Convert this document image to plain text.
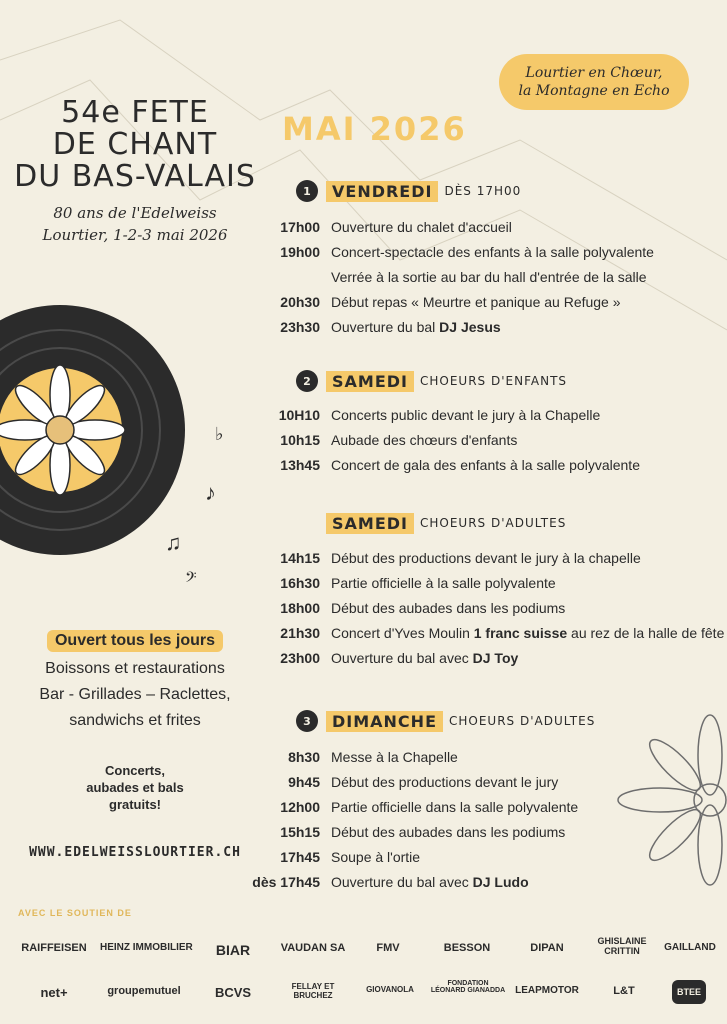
54e FETE
DE CHANT
DU BAS-VALAIS
80 ans de l'Edelweiss
Lourtier, 1-2-3 mai 2026
Lourtier en Chœur,
la Montagne en Echo
MAI 2026
♭
♪
♫
𝄢
1	VENDREDI	DÈS 17H00
17h00 Ouverture du chalet d'accueil
19h00 Concert-spectacle des enfants à la salle polyvalente
Verrée à la sortie au bar du hall d'entrée de la salle
20h30 Début repas « Meurtre et panique au Refuge »
23h30 Ouverture du bal DJ Jesus
2	SAMEDI	CHOEURS D'ENFANTS
10H10 Concerts public devant le jury à la Chapelle
10h15 Aubade des chœurs d'enfants
13h45 Concert de gala des enfants à la salle polyvalente
SAMEDI	CHOEURS D'ADULTES
14h15 Début des productions devant le jury à la chapelle
16h30 Partie officielle à la salle polyvalente
18h00 Début des aubades dans les podiums
21h30 Concert d'Yves Moulin 1 franc suisse au rez de la halle de fête
23h00 Ouverture du bal avec DJ Toy
3	DIMANCHE	CHOEURS D'ADULTES
8h30 Messe à la Chapelle
9h45 Début des productions devant le jury
12h00 Partie officielle dans la salle polyvalente
15h15 Début des aubades dans les podiums
17h45 Soupe à l'ortie
dès 17h45 Ouverture du bal avec DJ Ludo
Ouvert tous les jours
Boissons et restaurations
Bar - Grillades – Raclettes,
sandwichs et frites
Concerts,
aubades et bals
gratuits!
WWW.EDELWEISSLOURTIER.CH
AVEC LE SOUTIEN DE
RAIFFEISEN	HEINZ IMMOBILIER	BIAR	VAUDAN SA	FMV	BESSON	DIPAN
GHISLAINE CRITTIN	GAILLAND
net+	groupemutuel	BCVS	FELLAY ET BRUCHEZ
GIOVANOLA
FONDATION LÉONARD GIANADDA	LEAPMOTOR	L&T	BTEE
